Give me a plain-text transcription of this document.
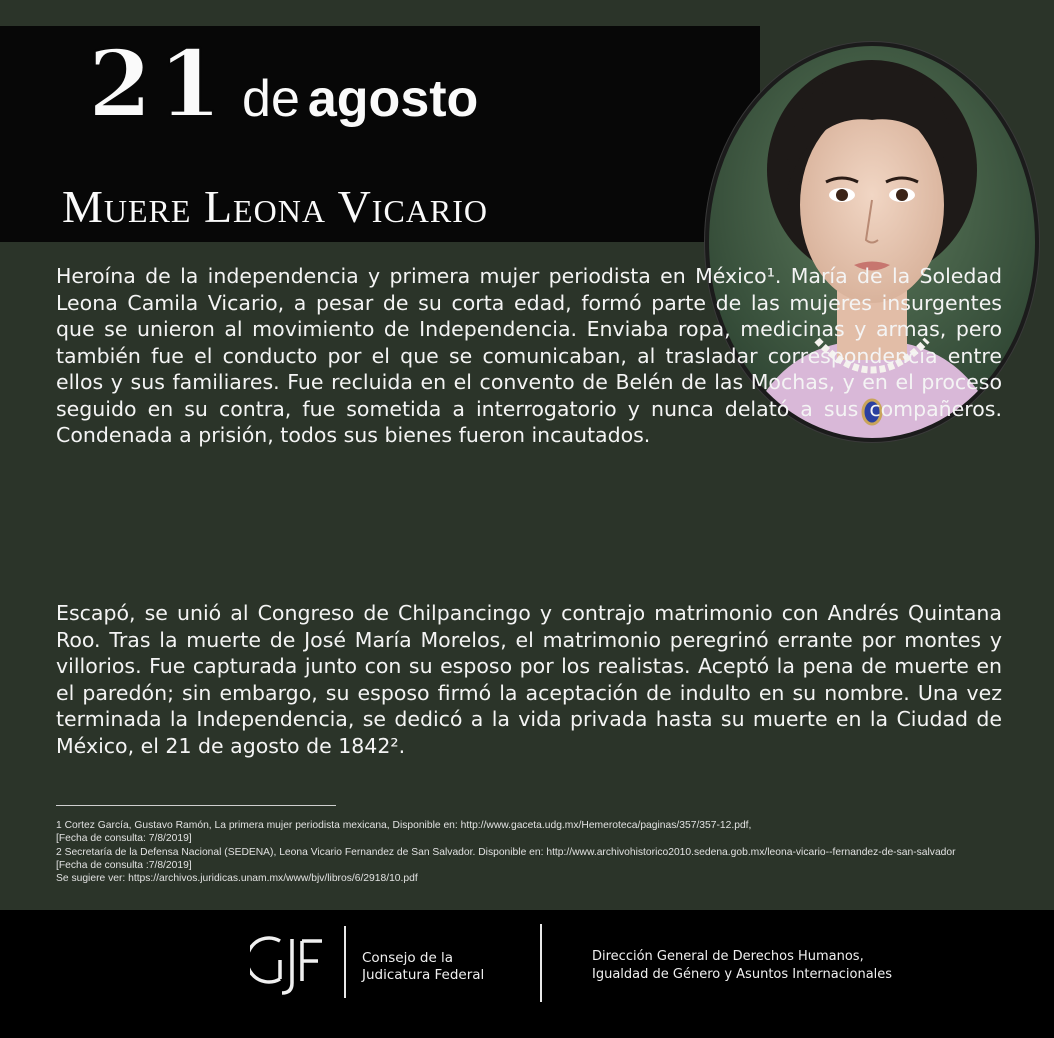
21 de agosto
Muere Leona Vicario

Heroína de la independencia y primera mujer periodista en México¹. María de la Soledad Leona Camila Vicario, a pesar de su corta edad, formó parte de las mujeres insurgentes que se unieron al movimiento de Independencia. Enviaba ropa, medicinas y armas, pero también fue el conducto por el que se comunicaban, al trasladar correspondencia entre ellos y sus familiares. Fue recluida en el convento de Belén de las Mochas, y en el proceso seguido en su contra, fue sometida a interrogatorio y nunca delató a sus compañeros. Condenada a prisión, todos sus bienes fueron incautados.

Escapó, se unió al Congreso de Chilpancingo y contrajo matrimonio con Andrés Quintana Roo. Tras la muerte de José María Morelos, el matrimonio peregrinó errante por montes y villorios. Fue capturada junto con su esposo por los realistas. Aceptó la pena de muerte en el paredón; sin embargo, su esposo firmó la aceptación de indulto en su nombre. Una vez terminada la Independencia, se dedicó a la vida privada hasta su muerte en la Ciudad de México, el 21 de agosto de 1842².

1 Cortez García, Gustavo Ramón, La primera mujer periodista mexicana, Disponible en: http://www.gaceta.udg.mx/Hemeroteca/paginas/357/357-12.pdf,
[Fecha de consulta: 7/8/2019]
2 Secretaría de la Defensa Nacional (SEDENA), Leona Vicario Fernandez de San Salvador. Disponible en: http://www.archivohistorico2010.sedena.gob.mx/leona-vicario--fernandez-de-san-salvador
[Fecha de consulta :7/8/2019]
Se sugiere ver: https://archivos.juridicas.unam.mx/www/bjv/libros/6/2918/10.pdf
CJF
Consejo de la
Judicatura Federal
Dirección General de Derechos Humanos,
Igualdad de Género y Asuntos Internacionales
